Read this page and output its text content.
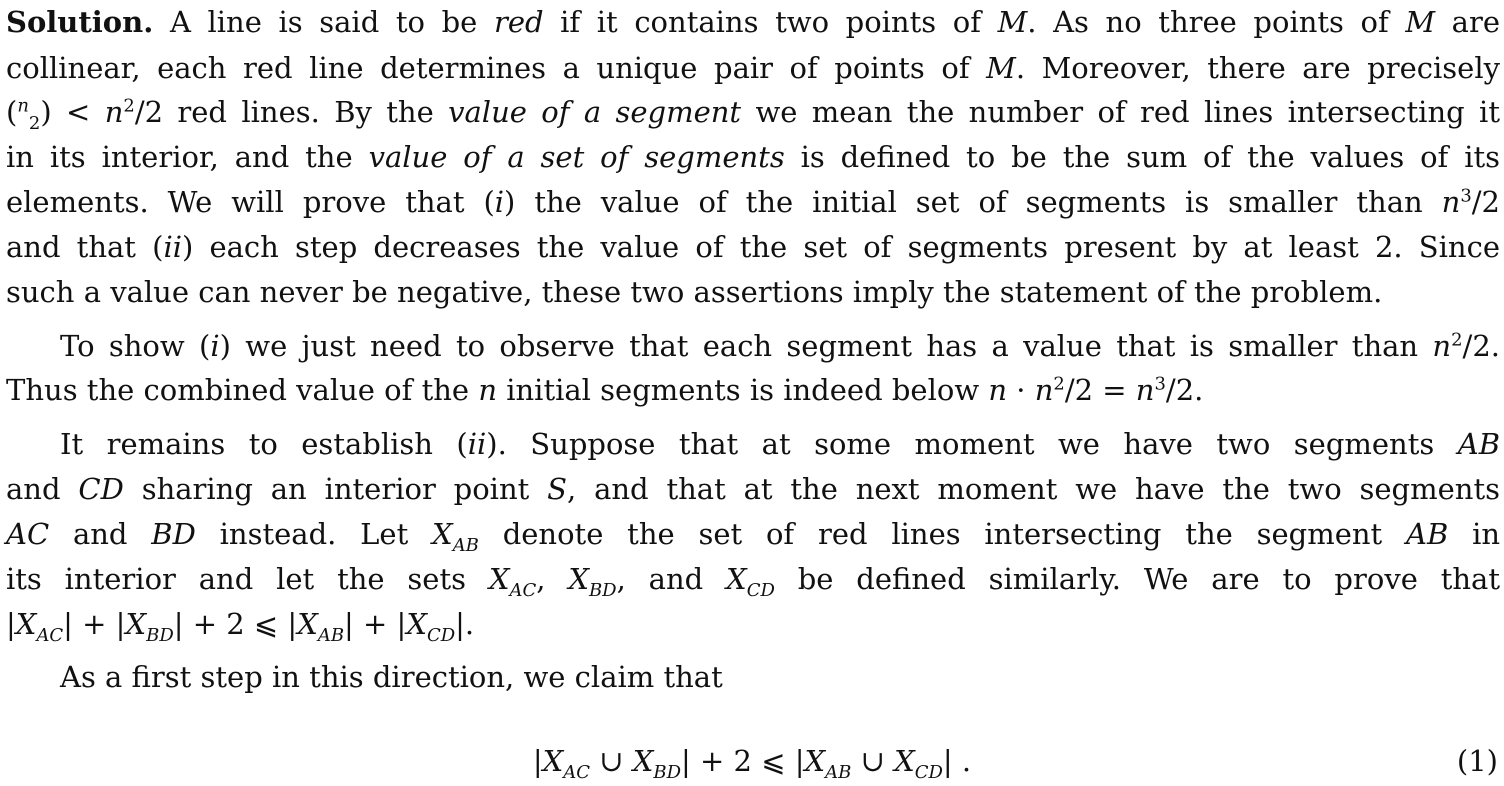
Solution. A line is said to be red if it contains two points of M. As no three points of M are
collinear, each red line determines a unique pair of points of M. Moreover, there are precisely
$(^n_2) < n^2/2$ red lines. By the value of a segment we mean the number of red lines intersecting it
in its interior, and the value of a set of segments is defined to be the sum of the values of its
elements. We will prove that (i) the value of the initial set of segments is smaller than $n^3/2$
and that (ii) each step decreases the value of the set of segments present by at least 2. Since
such a value can never be negative, these two assertions imply the statement of the problem.
To show (i) we just need to observe that each segment has a value that is smaller than $n^2/2$.
Thus the combined value of the n initial segments is indeed below $n \cdot n^2/2 = n^3/2$.
It remains to establish (ii). Suppose that at some moment we have two segments AB
and CD sharing an interior point S, and that at the next moment we have the two segments
AC and BD instead. Let $X_{AB}$ denote the set of red lines intersecting the segment AB in
its interior and let the sets $X_{AC}$, $X_{BD}$, and $X_{CD}$ be defined similarly. We are to prove that
$|X_{AC}| + |X_{BD}| + 2$ ⩽ $|X_{AB}| + |X_{CD}|$.
As a first step in this direction, we claim that
$|X_{AC}$ ∪ $X_{BD}| + 2$ ⩽ $|X_{AB}$ ∪ $X_{CD}|$ .	(1)
